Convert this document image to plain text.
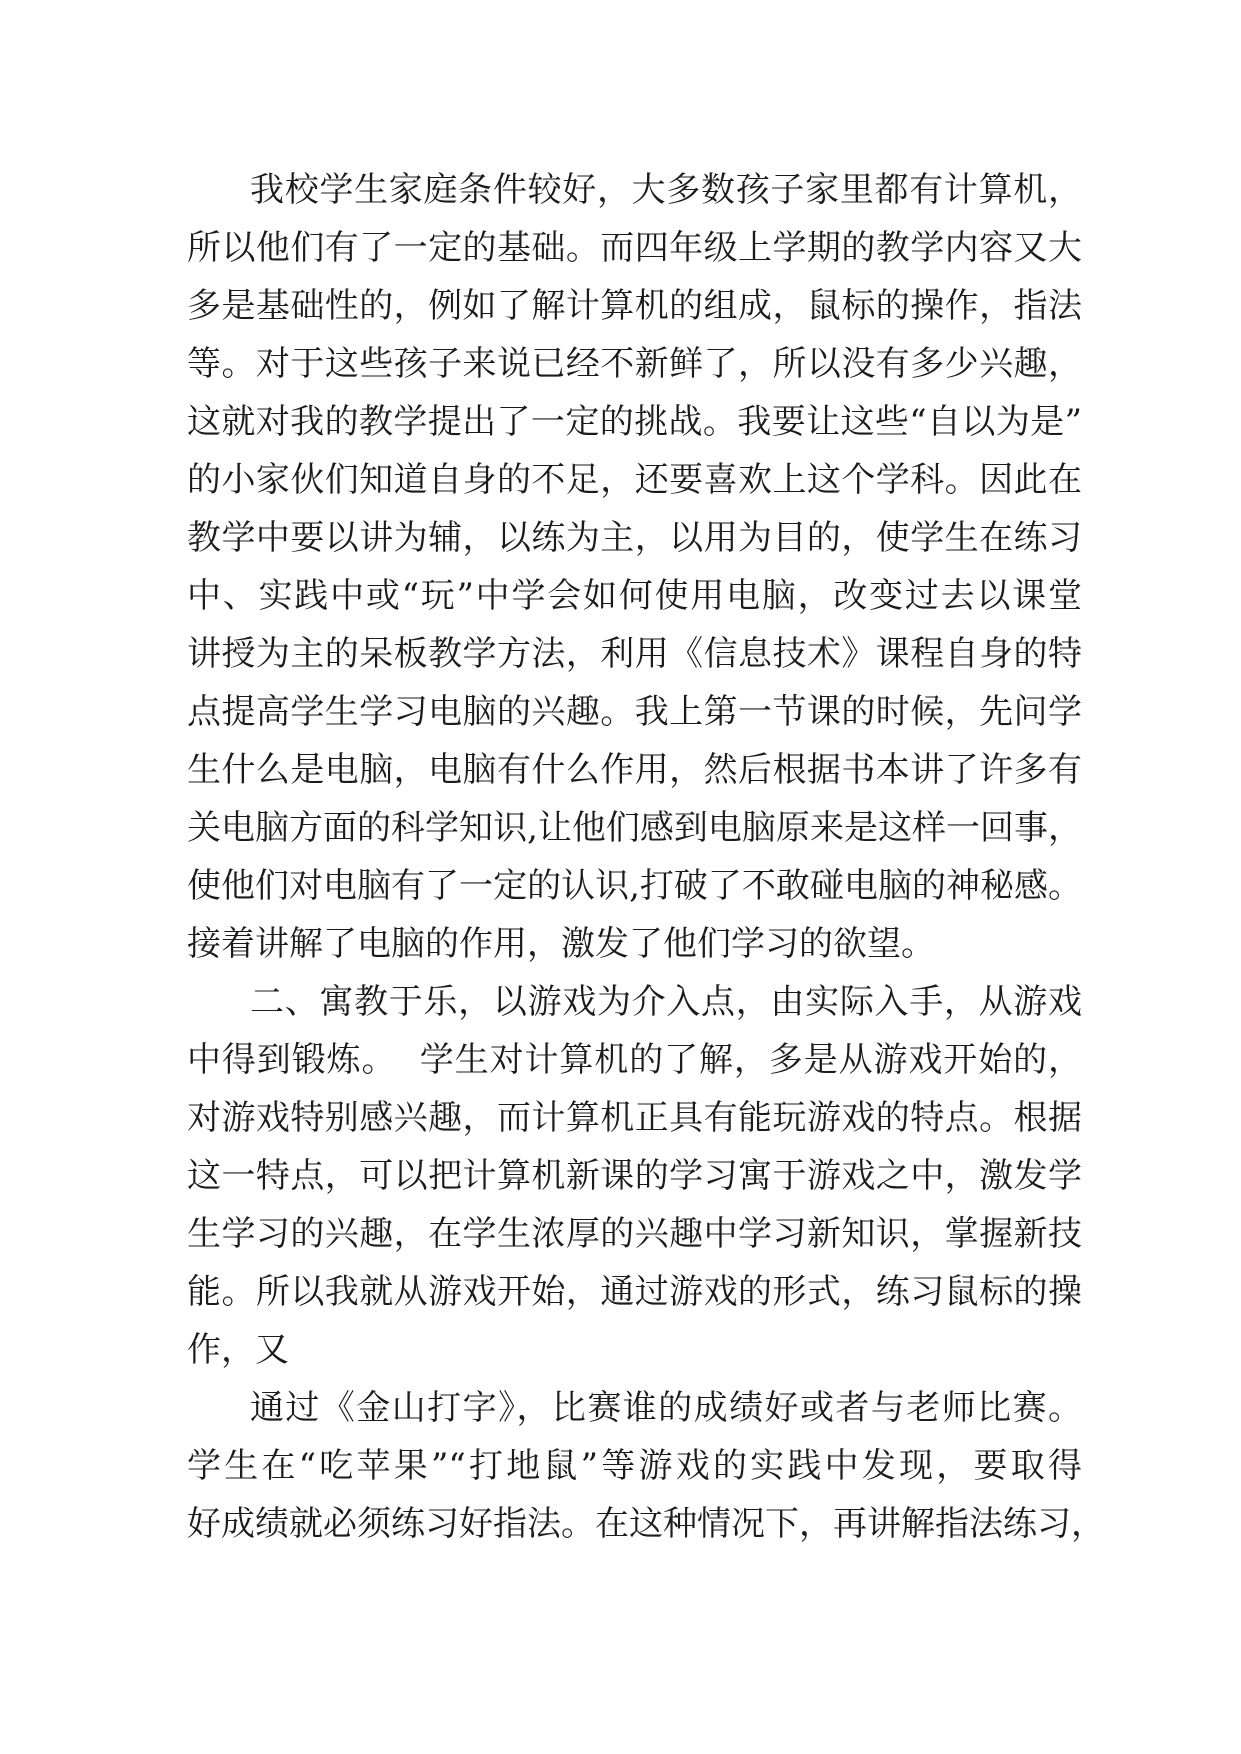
我校学生家庭条件较好，大多数孩子家里都有计算机，
所以他们有了一定的基础。而四年级上学期的教学内容又大
多是基础性的，例如了解计算机的组成，鼠标的操作，指法
等。对于这些孩子来说已经不新鲜了，所以没有多少兴趣，
这就对我的教学提出了一定的挑战。我要让这些“自以为是”
的小家伙们知道自身的不足，还要喜欢上这个学科。因此在
教学中要以讲为辅，以练为主，以用为目的，使学生在练习
中、实践中或“玩”中学会如何使用电脑，改变过去以课堂
讲授为主的呆板教学方法，利用《信息技术》课程自身的特
点提高学生学习电脑的兴趣。我上第一节课的时候，先问学
生什么是电脑，电脑有什么作用，然后根据书本讲了许多有
关电脑方面的科学知识,让他们感到电脑原来是这样一回事，
使他们对电脑有了一定的认识,打破了不敢碰电脑的神秘感。
接着讲解了电脑的作用，激发了他们学习的欲望。
二、寓教于乐，以游戏为介入点，由实际入手，从游戏
中得到锻炼。  学生对计算机的了解，多是从游戏开始的，
对游戏特别感兴趣，而计算机正具有能玩游戏的特点。根据
这一特点，可以把计算机新课的学习寓于游戏之中，激发学
生学习的兴趣，在学生浓厚的兴趣中学习新知识，掌握新技
能。所以我就从游戏开始，通过游戏的形式，练习鼠标的操
作，又
通过《金山打字》，比赛谁的成绩好或者与老师比赛。
学生在“吃苹果”“打地鼠”等游戏的实践中发现，要取得
好成绩就必须练习好指法。在这种情况下，再讲解指法练习，
